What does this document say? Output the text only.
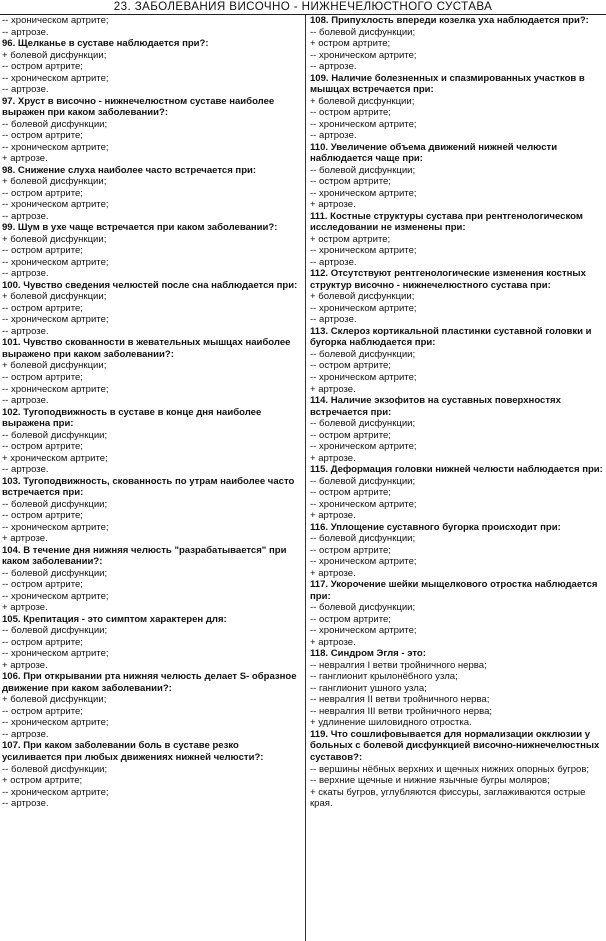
23. ЗАБОЛЕВАНИЯ ВИСОЧНО - НИЖНЕЧЕЛЮСТНОГО СУСТАВА
-- хроническом артрите;
-- артрозе.
96. Щелканье в суставе наблюдается при?:
+ болевой дисфункции;
-- остром артрите;
-- хроническом артрите;
-- артрозе.
97. Хруст в височно - нижнечелюстном суставе наиболее выражен при каком заболевании?:
-- болевой дисфункции;
-- остром артрите;
-- хроническом артрите;
+ артрозе.
98. Снижение слуха наиболее часто встречается при:
+ болевой дисфункции;
-- остром артрите;
-- хроническом артрите;
-- артрозе.
99. Шум в ухе чаще встречается при каком заболевании?:
+ болевой дисфункции;
-- остром артрите;
-- хроническом артрите;
-- артрозе.
100. Чувство сведения челюстей после сна наблюдается при:
+ болевой дисфункции;
-- остром артрите;
-- хроническом артрите;
-- артрозе.
101. Чувство скованности в жевательных мышцах наиболее выражено при каком заболевании?:
+ болевой дисфункции;
-- остром артрите;
-- хроническом артрите;
-- артрозе.
102. Тугоподвижность в суставе в конце дня наиболее выражена при:
-- болевой дисфункции;
-- остром артрите;
+ хроническом артрите;
-- артрозе.
103. Тугоподвижность, скованность по утрам наиболее часто встречается при:
-- болевой дисфункции;
-- остром артрите;
-- хроническом артрите;
+ артрозе.
104. В течение дня нижняя челюсть "разрабатывается" при каком заболевании?:
-- болевой дисфункции;
-- остром артрите;
-- хроническом артрите;
+ артрозе.
105. Крепитация - это симптом характерен для:
-- болевой дисфункции;
-- остром артрите;
-- хроническом артрите;
+ артрозе.
106. При открывании рта нижняя челюсть делает S- образное движение при каком заболевании?:
+ болевой дисфункции;
-- остром артрите;
-- хроническом артрите;
-- артрозе.
107. При каком заболевании боль в суставе резко усиливается при любых движениях нижней челюсти?:
-- болевой дисфункции;
+ остром артрите;
-- хроническом артрите;
-- артрозе.
108. Припухлость впереди козелка уха наблюдается при?:
-- болевой дисфункции;
+ остром артрите;
-- хроническом артрите;
-- артрозе.
109. Наличие болезненных и спазмированных участков в мышцах встречается при:
+ болевой дисфункции;
-- остром артрите;
-- хроническом артрите;
-- артрозе.
110. Увеличение объема движений нижней челюсти наблюдается чаще при:
-- болевой дисфункции;
-- остром артрите;
-- хроническом артрите;
+ артрозе.
111. Костные структуры сустава при рентгенологическом исследовании не изменены при:
+ остром артрите;
-- хроническом артрите;
-- артрозе.
112. Отсутствуют рентгенологические изменения костных структур височно - нижнечелюстного сустава при:
+ болевой дисфункции;
-- хроническом артрите;
-- артрозе.
113. Склероз кортикальной пластинки суставной головки и бугорка наблюдается при:
-- болевой дисфункции;
-- остром артрите;
-- хроническом артрите;
+ артрозе.
114. Наличие экзофитов на суставных поверхностях встречается при:
-- болевой дисфункции;
-- остром артрите;
-- хроническом артрите;
+ артрозе.
115. Деформация головки нижней челюсти наблюдается при:
-- болевой дисфункции;
-- остром артрите;
-- хроническом артрите;
+ артрозе.
116. Уплощение суставного бугорка происходит при:
-- болевой дисфункции;
-- остром артрите;
-- хроническом артрите;
+ артрозе.
117. Укорочение шейки мыщелкового отростка наблюдается при:
-- болевой дисфункции;
-- остром артрите;
-- хроническом артрите;
+ артрозе.
118. Синдром Эгля - это:
-- невралгия I ветви тройничного нерва;
-- ганглионит крылонёбного узла;
-- ганглионит ушного узла;
-- невралгия II ветви тройничного нерва;
-- невралгия III ветви тройничного нерва;
+ удлинение шиловидного отростка.
119. Что сошлифовывается для нормализации окклюзии у больных с болевой дисфункцией височно-нижнечелюстных суставов?:
-- вершины нёбных верхних и щечных нижних опорных бугров;
-- верхние щечные и нижние язычные бугры моляров;
+ скаты бугров, углубляются фиссуры, заглаживаются острые края.
